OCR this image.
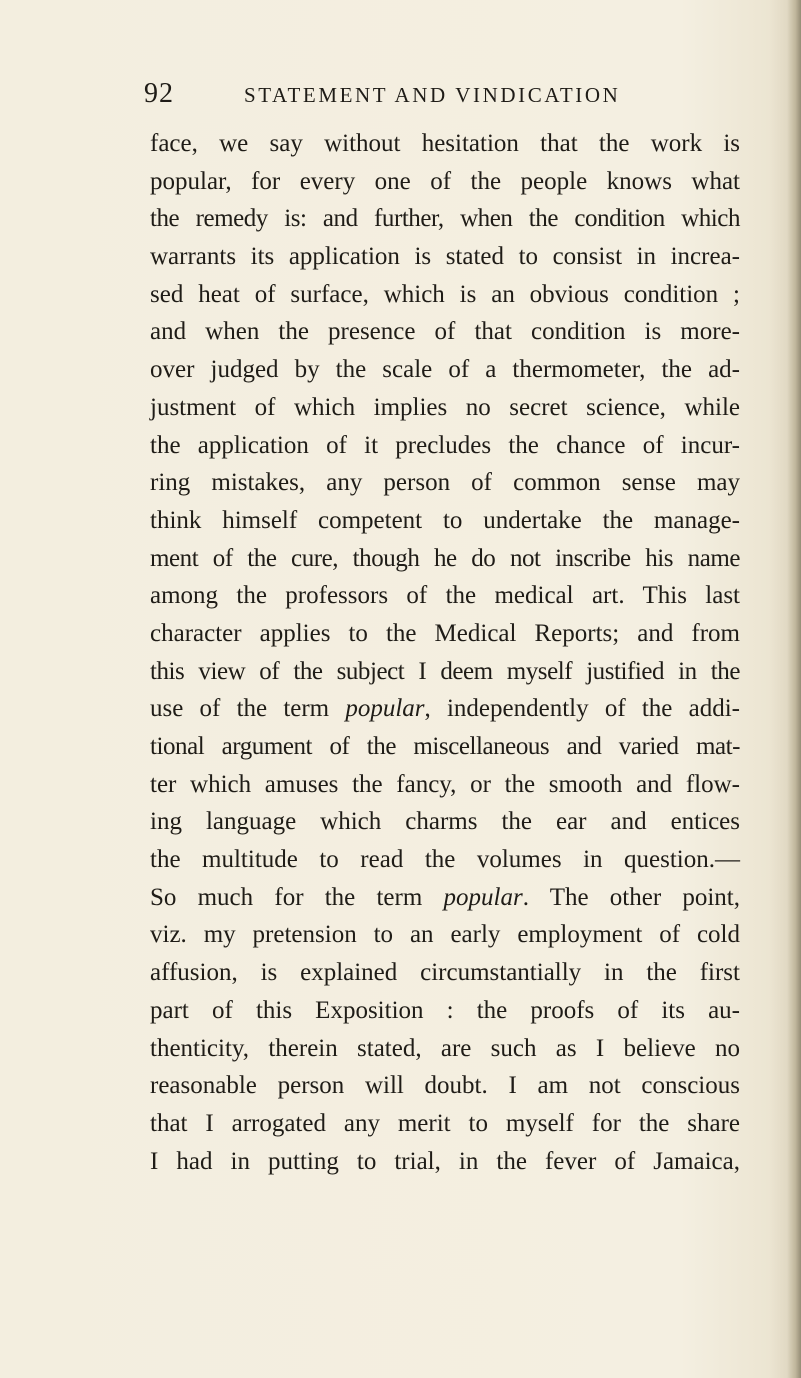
92	STATEMENT AND VINDICATION
face, we say without hesitation that the work is
popular, for every one of the people knows what
the remedy is: and further, when the condition which
warrants its application is stated to consist in increa-
sed heat of surface, which is an obvious condition ;
and when the presence of that condition is more-
over judged by the scale of a thermometer, the ad-
justment of which implies no secret science, while
the application of it precludes the chance of incur-
ring mistakes, any person of common sense may
think himself competent to undertake the manage-
ment of the cure, though he do not inscribe his name
among the professors of the medical art. This last
character applies to the Medical Reports; and from
this view of the subject I deem myself justified in the
use of the term popular, independently of the addi-
tional argument of the miscellaneous and varied mat-
ter which amuses the fancy, or the smooth and flow-
ing language which charms the ear and entices
the multitude to read the volumes in question.—
So much for the term popular. The other point,
viz. my pretension to an early employment of cold
affusion, is explained circumstantially in the first
part of this Exposition : the proofs of its au-
thenticity, therein stated, are such as I believe no
reasonable person will doubt. I am not conscious
that I arrogated any merit to myself for the share
I had in putting to trial, in the fever of Jamaica,
